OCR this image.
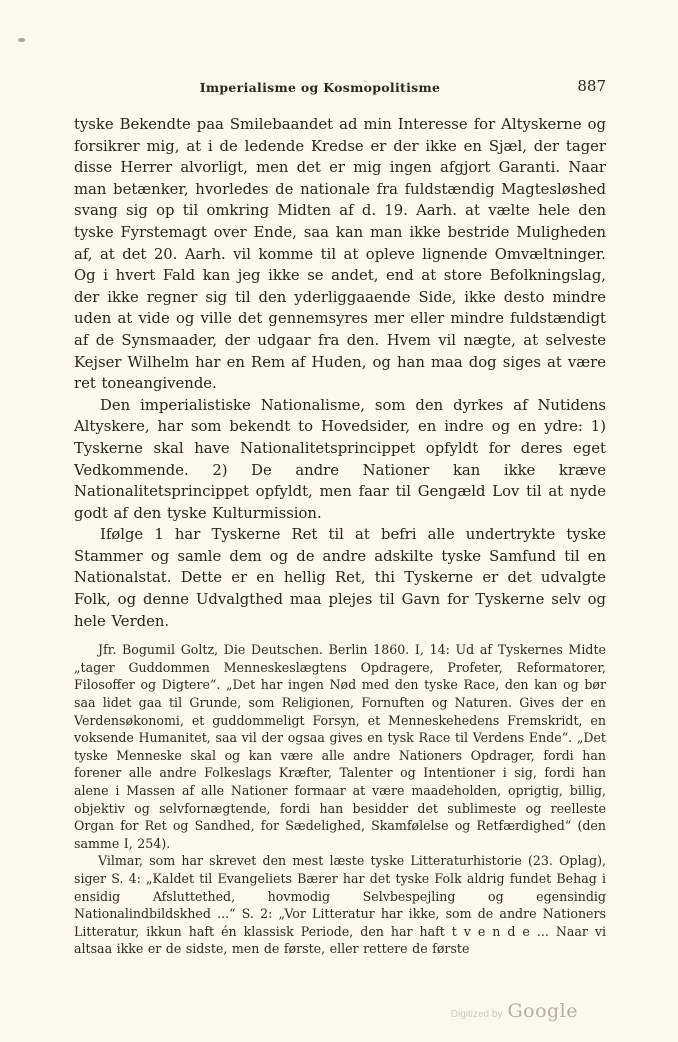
Imperialisme og Kosmopolitisme	887

tyske Bekendte paa Smilebaandet ad min Interesse for Altyskerne og forsikrer mig, at i de ledende Kredse er der ikke en Sjæl, der tager disse Herrer alvorligt, men det er mig ingen afgjort Garanti. Naar man betænker, hvorledes de nationale fra fuldstændig Magtesløshed svang sig op til omkring Midten af d. 19. Aarh. at vælte hele den tyske Fyrstemagt over Ende, saa kan man ikke bestride Muligheden af, at det 20. Aarh. vil komme til at opleve lignende Omvæltninger. Og i hvert Fald kan jeg ikke se andet, end at store Befolkningslag, der ikke regner sig til den yderliggaaende Side, ikke desto mindre uden at vide og ville det gennemsyres mer eller mindre fuldstændigt af de Synsmaader, der udgaar fra den. Hvem vil nægte, at selveste Kejser Wilhelm har en Rem af Huden, og han maa dog siges at være ret toneangivende.

Den imperialistiske Nationalisme, som den dyrkes af Nutidens Altyskere, har som bekendt to Hovedsider, en indre og en ydre: 1) Tyskerne skal have Nationalitetsprincippet opfyldt for deres eget Vedkommende. 2) De andre Nationer kan ikke kræve Nationalitetsprincippet opfyldt, men faar til Gengæld Lov til at nyde godt af den tyske Kulturmission.

Ifølge 1 har Tyskerne Ret til at befri alle undertrykte tyske Stammer og samle dem og de andre adskilte tyske Samfund til en Nationalstat. Dette er en hellig Ret, thi Tyskerne er det udvalgte Folk, og denne Udvalgthed maa plejes til Gavn for Tyskerne selv og hele Verden.

Jfr. Bogumil Goltz, Die Deutschen. Berlin 1860. I, 14: Ud af Tyskernes Midte „tager Guddommen Menneskeslægtens Opdragere, Profeter, Reformatorer, Filosoffer og Digtere“. „Det har ingen Nød med den tyske Race, den kan og bør saa lidet gaa til Grunde, som Religionen, Fornuften og Naturen. Gives der en Verdensøkonomi, et guddommeligt Forsyn, et Menneskehedens Fremskridt, en voksende Humanitet, saa vil der ogsaa gives en tysk Race til Verdens Ende“. „Det tyske Menneske skal og kan være alle andre Nationers Opdrager, fordi han forener alle andre Folkeslags Kræfter, Talenter og Intentioner i sig, fordi han alene i Massen af alle Nationer formaar at være maadeholden, oprigtig, billig, objektiv og selvfornægtende, fordi han besidder det sublimeste og reelleste Organ for Ret og Sandhed, for Sædelighed, Skamfølelse og Retfærdighed“ (den samme I, 254).

Vilmar, som har skrevet den mest læste tyske Litteraturhistorie (23. Oplag), siger S. 4: „Kaldet til Evangeliets Bærer har det tyske Folk aldrig fundet Behag i ensidig Afsluttethed, hovmodig Selvbespejling og egensindig Nationalindbildskhed ...“ S. 2: „Vor Litteratur har ikke, som de andre Nationers Litteratur, ikkun haft én klassisk Periode, den har haft t v e n d e ... Naar vi altsaa ikke er de sidste, men de første, eller rettere de første

Digitized by Google
